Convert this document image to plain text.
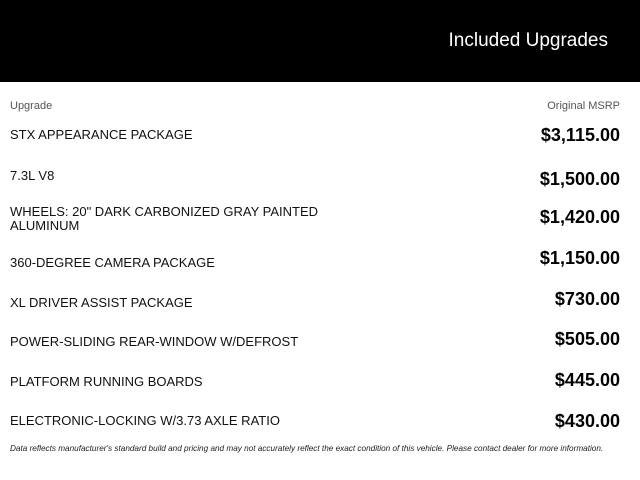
Included Upgrades
Upgrade	Original MSRP
STX APPEARANCE PACKAGE	$3,115.00
7.3L V8	$1,500.00
WHEELS: 20" DARK CARBONIZED GRAY PAINTED ALUMINUM	$1,420.00
360-DEGREE CAMERA PACKAGE	$1,150.00
XL DRIVER ASSIST PACKAGE	$730.00
POWER-SLIDING REAR-WINDOW W/DEFROST	$505.00
PLATFORM RUNNING BOARDS	$445.00
ELECTRONIC-LOCKING W/3.73 AXLE RATIO	$430.00
Data reflects manufacturer's standard build and pricing and may not accurately reflect the exact condition of this vehicle. Please contact dealer for more information.
